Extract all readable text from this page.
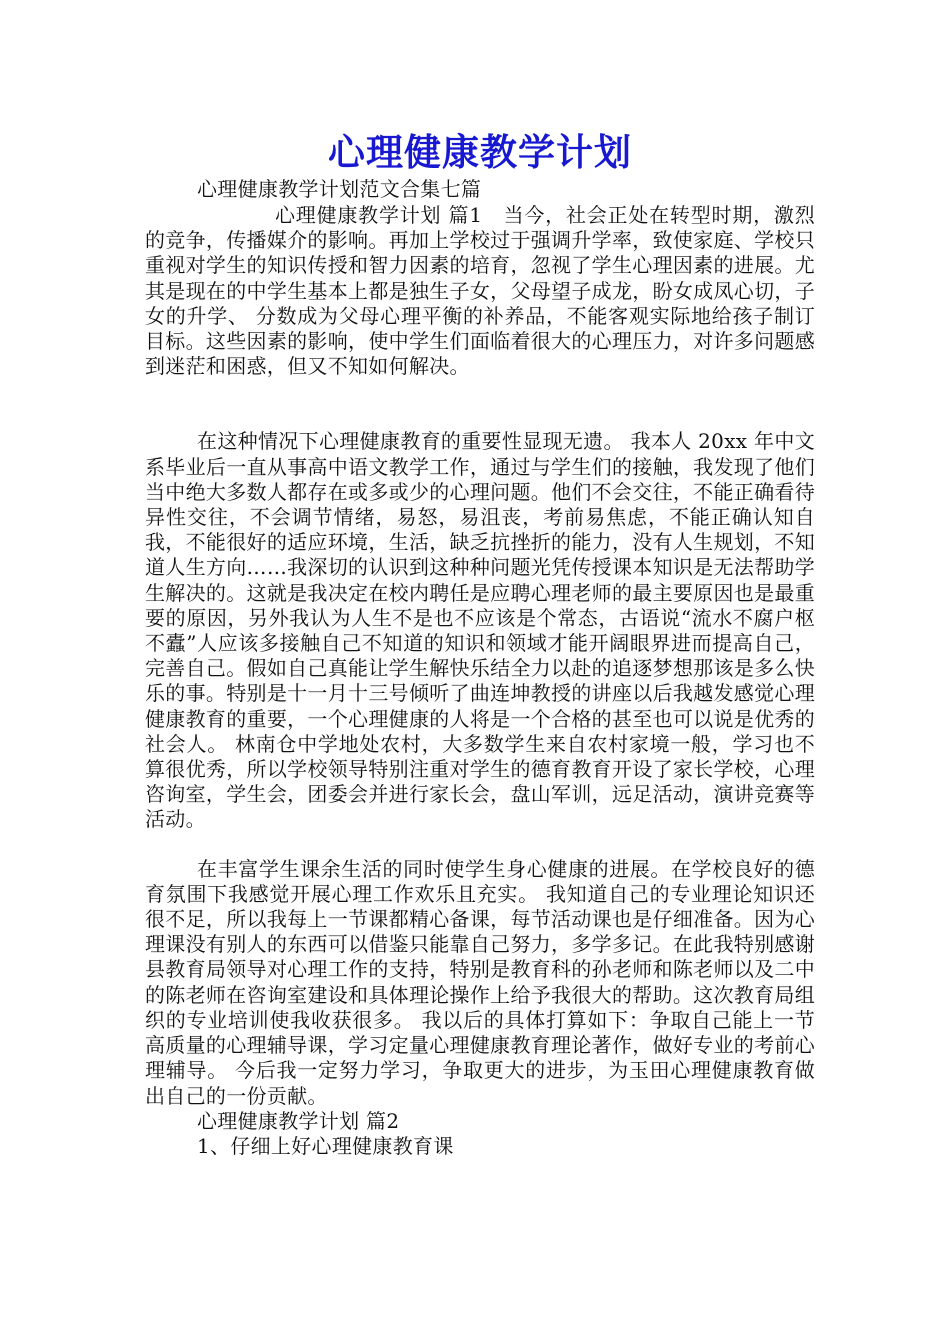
心理健康教学计划

心理健康教学计划范文合集七篇

心理健康教学计划 篇1　当今，社会正处在转型时期，激烈的竞争，传播媒介的影响。再加上学校过于强调升学率，致使家庭、学校只重视对学生的知识传授和智力因素的培育，忽视了学生心理因素的进展。尤其是现在的中学生基本上都是独生子女，父母望子成龙，盼女成凤心切，子女的升学、 分数成为父母心理平衡的补养品，不能客观实际地给孩子制订目标。这些因素的影响，使中学生们面临着很大的心理压力，对许多问题感到迷茫和困惑，但又不知如何解决。

在这种情况下心理健康教育的重要性显现无遗。 我本人 20xx 年中文系毕业后一直从事高中语文教学工作，通过与学生们的接触，我发现了他们当中绝大多数人都存在或多或少的心理问题。他们不会交往，不能正确看待异性交往，不会调节情绪，易怒，易沮丧，考前易焦虑，不能正确认知自我，不能很好的适应环境，生活，缺乏抗挫折的能力，没有人生规划，不知道人生方向……我深切的认识到这种种问题光凭传授课本知识是无法帮助学生解决的。这就是我决定在校内聘任是应聘心理老师的最主要原因也是最重要的原因，另外我认为人生不是也不应该是个常态，古语说“流水不腐户枢不蠹”人应该多接触自己不知道的知识和领域才能开阔眼界进而提高自己，完善自己。假如自己真能让学生解快乐结全力以赴的追逐梦想那该是多么快乐的事。特别是十一月十三号倾听了曲连坤教授的讲座以后我越发感觉心理健康教育的重要，一个心理健康的人将是一个合格的甚至也可以说是优秀的社会人。 林南仓中学地处农村，大多数学生来自农村家境一般，学习也不算很优秀，所以学校领导特别注重对学生的德育教育开设了家长学校，心理咨询室，学生会，团委会并进行家长会，盘山军训，远足活动，演讲竞赛等活动。

在丰富学生课余生活的同时使学生身心健康的进展。在学校良好的德育氛围下我感觉开展心理工作欢乐且充实。 我知道自己的专业理论知识还很不足，所以我每上一节课都精心备课，每节活动课也是仔细准备。因为心理课没有别人的东西可以借鉴只能靠自己努力，多学多记。在此我特别感谢县教育局领导对心理工作的支持，特别是教育科的孙老师和陈老师以及二中的陈老师在咨询室建设和具体理论操作上给予我很大的帮助。这次教育局组织的专业培训使我收获很多。 我以后的具体打算如下：争取自己能上一节高质量的心理辅导课，学习定量心理健康教育理论著作，做好专业的考前心理辅导。 今后我一定努力学习，争取更大的进步，为玉田心理健康教育做出自己的一份贡献。

心理健康教学计划 篇2

1、仔细上好心理健康教育课
